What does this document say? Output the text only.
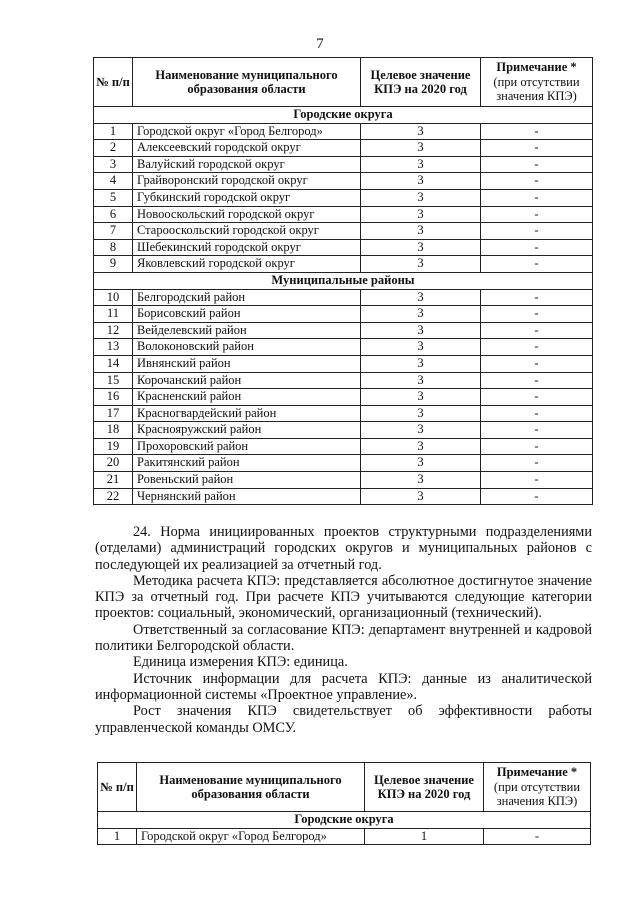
7
№ п/п	Наименование муниципального образования области	Целевое значение КПЭ на 2020 год	Примечание *
(при отсутствии значения КПЭ)
Городские округа			
1	Городской округ «Город Белгород»	3	-
2	Алексеевский городской округ	3	-
3	Валуйский городской округ	3	-
4	Грайворонский городской округ	3	-
5	Губкинский городской округ	3	-
6	Новооскольский городской округ	3	-
7	Старооскольский городской округ	3	-
8	Шебекинский городской округ	3	-
9	Яковлевский городской округ	3	-
Муниципальные районы			
10	Белгородский район	3	-
11	Борисовский район	3	-
12	Вейделевский район	3	-
13	Волоконовский район	3	-
14	Ивнянский район	3	-
15	Корочанский район	3	-
16	Красненский район	3	-
17	Красногвардейский район	3	-
18	Краснояружский район	3	-
19	Прохоровский район	3	-
20	Ракитянский район	3	-
21	Ровеньский район	3	-
22	Чернянский район	3	-

24. Норма инициированных проектов структурными подразделениями (отделами) администраций городских округов и муниципальных районов с последующей их реализацией за отчетный год.

Методика расчета КПЭ: представляется абсолютное достигнутое значение КПЭ за отчетный год. При расчете КПЭ учитываются следующие категории проектов: социальный, экономический, организационный (технический).

Ответственный за согласование КПЭ: департамент внутренней и кадровой политики Белгородской области.

Единица измерения КПЭ: единица.

Источник информации для расчета КПЭ: данные из аналитической информационной системы «Проектное управление».

Рост значения КПЭ свидетельствует об эффективности работы управленческой команды ОМСУ.

№ п/п	Наименование муниципального образования области	Целевое значение КПЭ на 2020 год	Примечание *
(при отсутствии значения КПЭ)
Городские округа			
1	Городской округ «Город Белгород»	1	-
